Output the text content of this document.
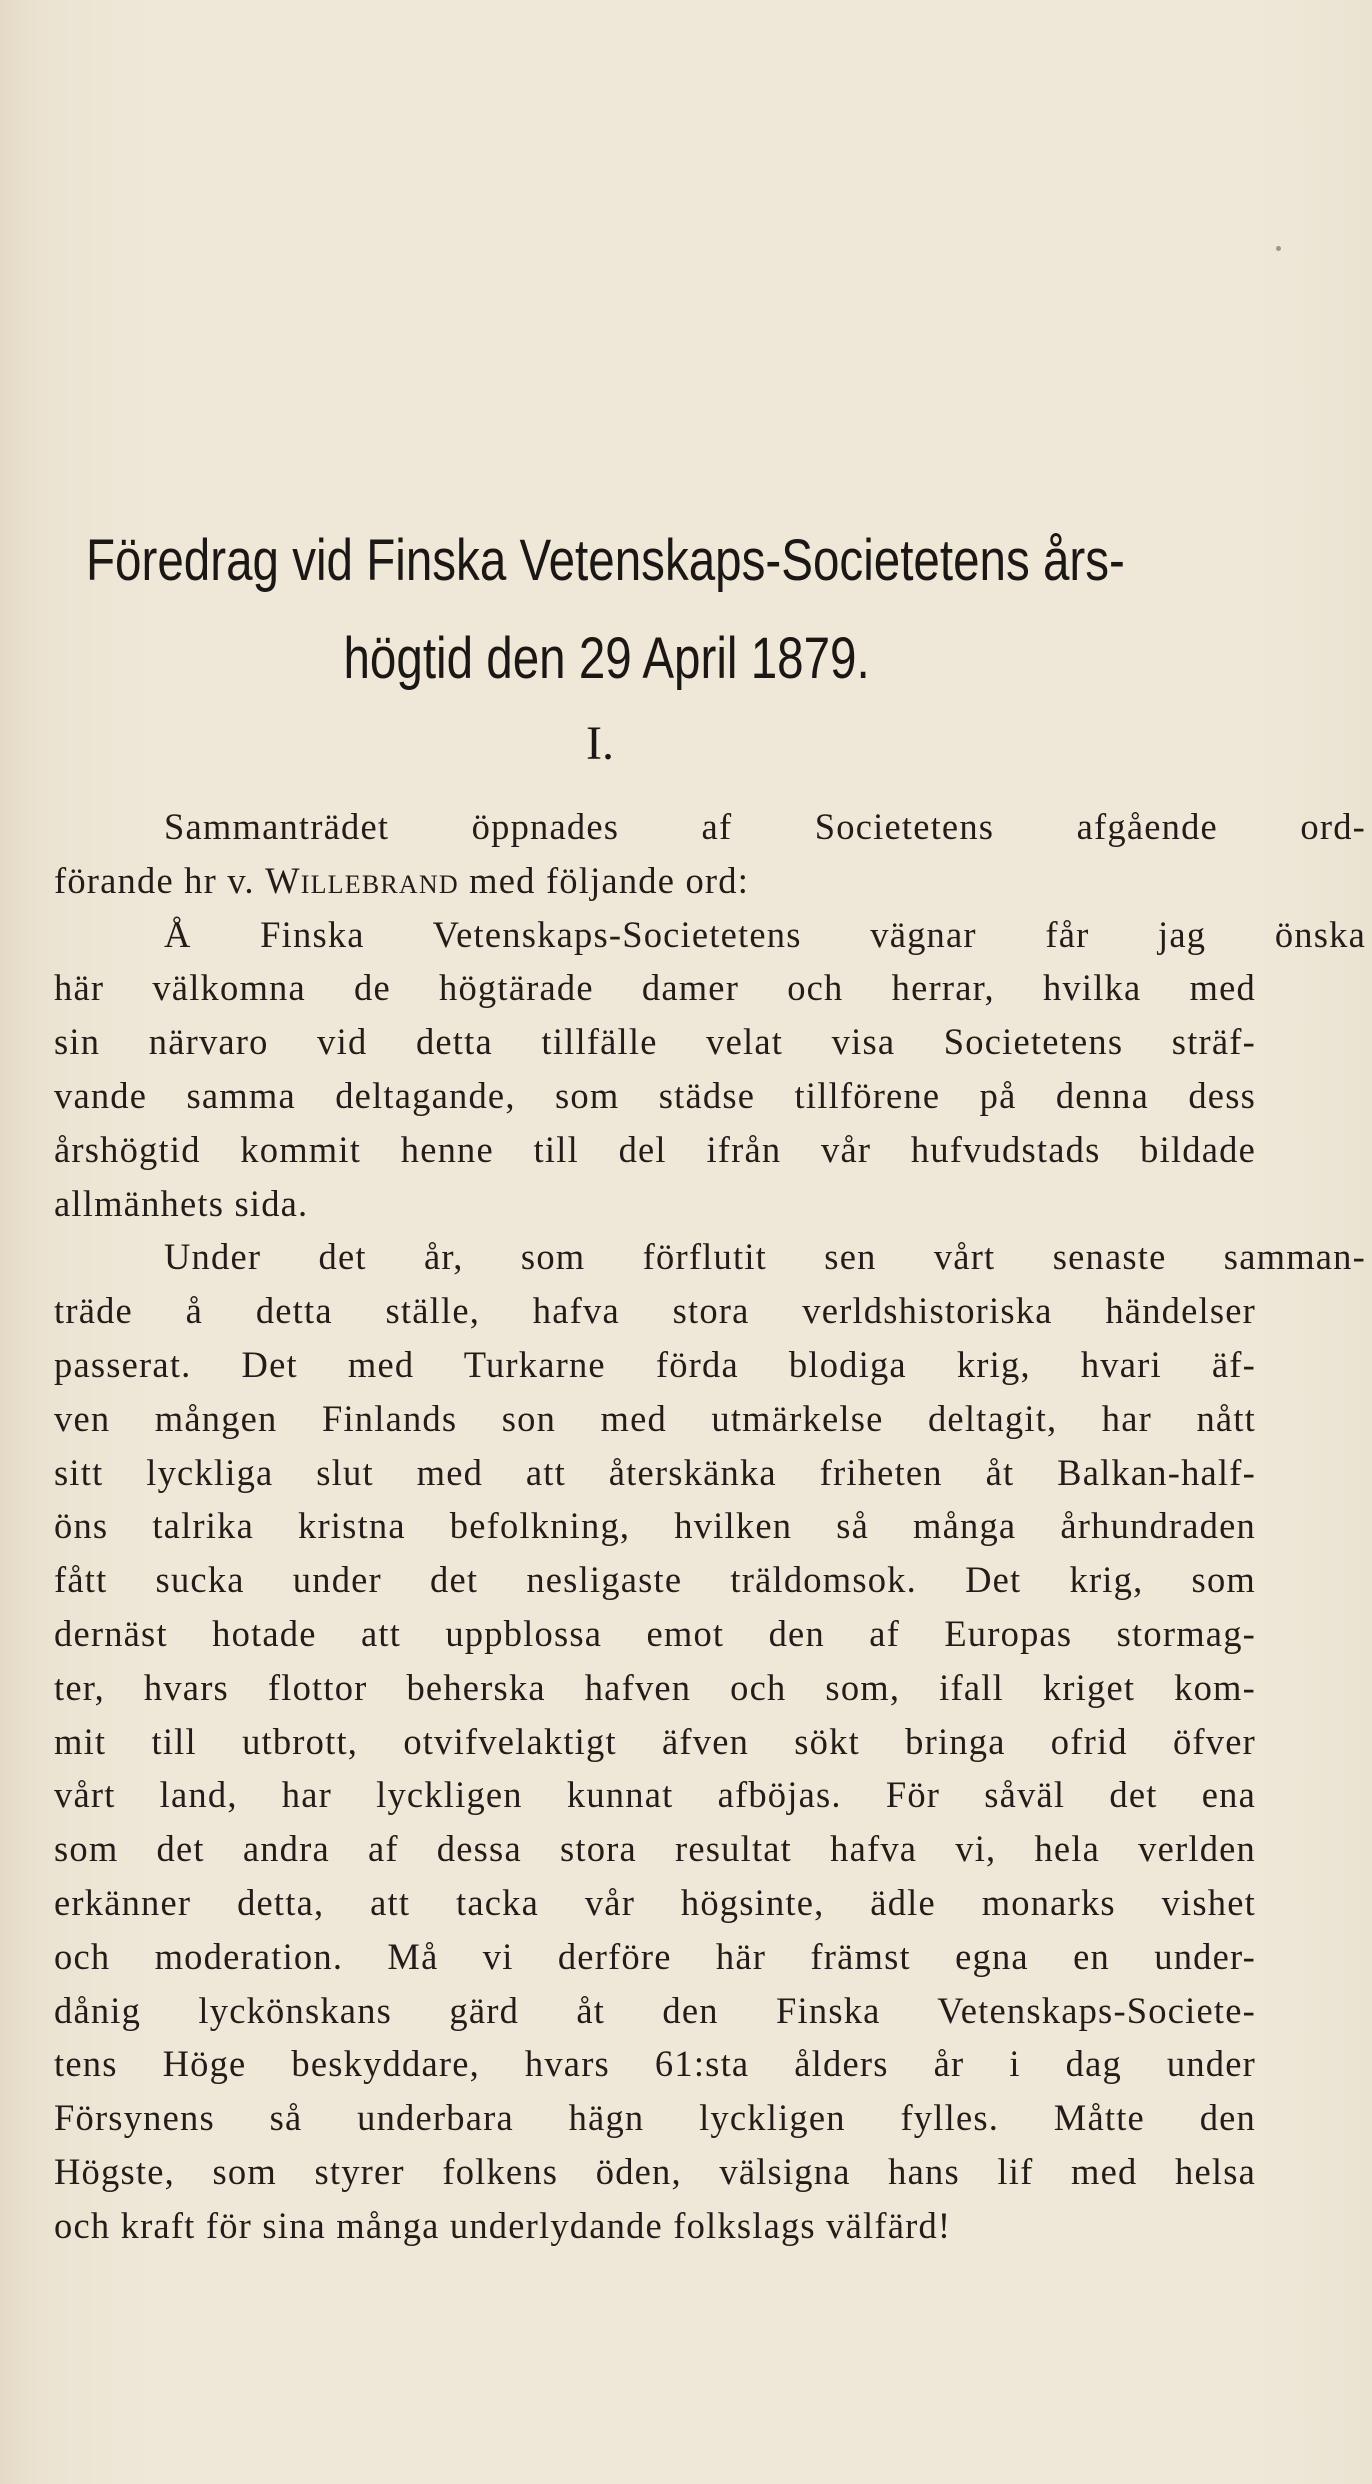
Föredrag vid Finska Vetenskaps-Societetens års-
högtid den 29 April 1879.
I.
Sammanträdet öppnades af Societetens afgående ord-
förande hr v. Willebrand med följande ord:
Å Finska Vetenskaps-Societetens vägnar får jag önska
här välkomna de högtärade damer och herrar, hvilka med
sin närvaro vid detta tillfälle velat visa Societetens sträf-
vande samma deltagande, som städse tillförene på denna dess
årshögtid kommit henne till del ifrån vår hufvudstads bildade
allmänhets sida.
Under det år, som förflutit sen vårt senaste samman-
träde å detta ställe, hafva stora verldshistoriska händelser
passerat. Det med Turkarne förda blodiga krig, hvari äf-
ven mången Finlands son med utmärkelse deltagit, har nått
sitt lyckliga slut med att återskänka friheten åt Balkan-half-
öns talrika kristna befolkning, hvilken så många århundraden
fått sucka under det nesligaste träldomsok. Det krig, som
dernäst hotade att uppblossa emot den af Europas stormag-
ter, hvars flottor beherska hafven och som, ifall kriget kom-
mit till utbrott, otvifvelaktigt äfven sökt bringa ofrid öfver
vårt land, har lyckligen kunnat afböjas. För såväl det ena
som det andra af dessa stora resultat hafva vi, hela verlden
erkänner detta, att tacka vår högsinte, ädle monarks vishet
och moderation. Må vi derföre här främst egna en under-
dånig lyckönskans gärd åt den Finska Vetenskaps-Societe-
tens Höge beskyddare, hvars 61:sta ålders år i dag under
Försynens så underbara hägn lyckligen fylles. Måtte den
Högste, som styrer folkens öden, välsigna hans lif med helsa
och kraft för sina många underlydande folkslags välfärd!
